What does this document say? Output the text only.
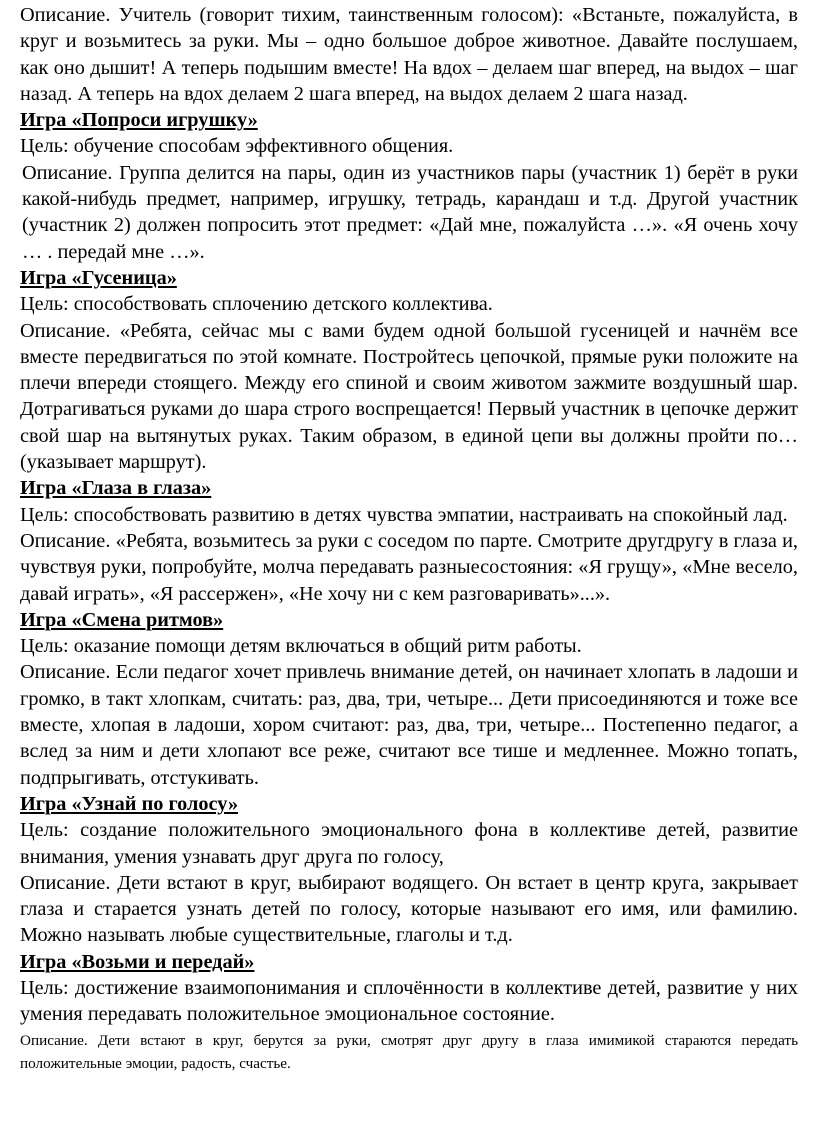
Описание. Учитель (говорит тихим, таинственным голосом): «Встаньте, пожалуйста, в круг и возьмитесь за руки. Мы – одно большое доброе животное. Давайте послушаем, как оно дышит! А теперь подышим вместе! На вдох – делаем шаг вперед, на выдох – шаг назад. А теперь на вдох делаем 2 шага вперед, на выдох делаем 2 шага назад.

Игра «Попроси игрушку»

Цель: обучение способам эффективного общения.

Описание. Группа делится на пары, один из участников пары (участник 1) берёт в руки какой-нибудь предмет, например, игрушку, тетрадь, карандаш и т.д. Другой участник (участник 2) должен попросить этот предмет: «Дай мне, пожалуйста …». «Я очень хочу … . передай мне …».

Игра «Гусеница»

Цель: способствовать сплочению детского коллектива.

Описание. «Ребята, сейчас мы с вами будем одной большой гусеницей и начнём все вместе передвигаться по этой комнате. Постройтесь цепочкой, прямые руки положите на плечи впереди стоящего. Между его спиной и своим животом зажмите воздушный шар. Дотрагиваться руками до шара строго воспрещается! Первый участник в цепочке держит свой шар на вытянутых руках. Таким образом, в единой цепи вы должны пройти по…(указывает маршрут).

Игра «Глаза в глаза»

Цель: способствовать развитию в детях чувства эмпатии, настраивать на спокойный лад.

Описание. «Ребята, возьмитесь за руки с соседом по парте. Смотрите другдругу в глаза и, чувствуя руки, попробуйте, молча передавать разныесостояния: «Я грущу», «Мне весело, давай играть», «Я рассержен», «Не хочу ни с кем разговаривать»...».

Игра «Смена ритмов»

Цель: оказание помощи детям включаться в общий ритм работы.

Описание. Если педагог хочет привлечь внимание детей, он начинает хлопать в ладоши и громко, в такт хлопкам, считать: раз, два, три, четыре... Дети присоединяются и тоже все вместе, хлопая в ладоши, хором считают: раз, два, три, четыре... Постепенно педагог, а вслед за ним и дети хлопают все реже, считают все тише и медленнее. Можно топать, подпрыгивать, отстукивать.

Игра «Узнай по голосу»

Цель: создание положительного эмоционального фона в коллективе детей, развитие внимания, умения узнавать друг друга по голосу,

Описание. Дети встают в круг, выбирают водящего. Он встает в центр круга, закрывает глаза и старается узнать детей по голосу, которые называют его имя, или фамилию. Можно называть любые существительные, глаголы и т.д.

Игра «Возьми и передай»

Цель: достижение взаимопонимания и сплочённости в коллективе детей, развитие у них умения передавать положительное эмоциональное состояние.

Описание. Дети встают в круг, берутся за руки, смотрят друг другу в глаза имимикой стараются передать положительные эмоции, радость, счастье.
